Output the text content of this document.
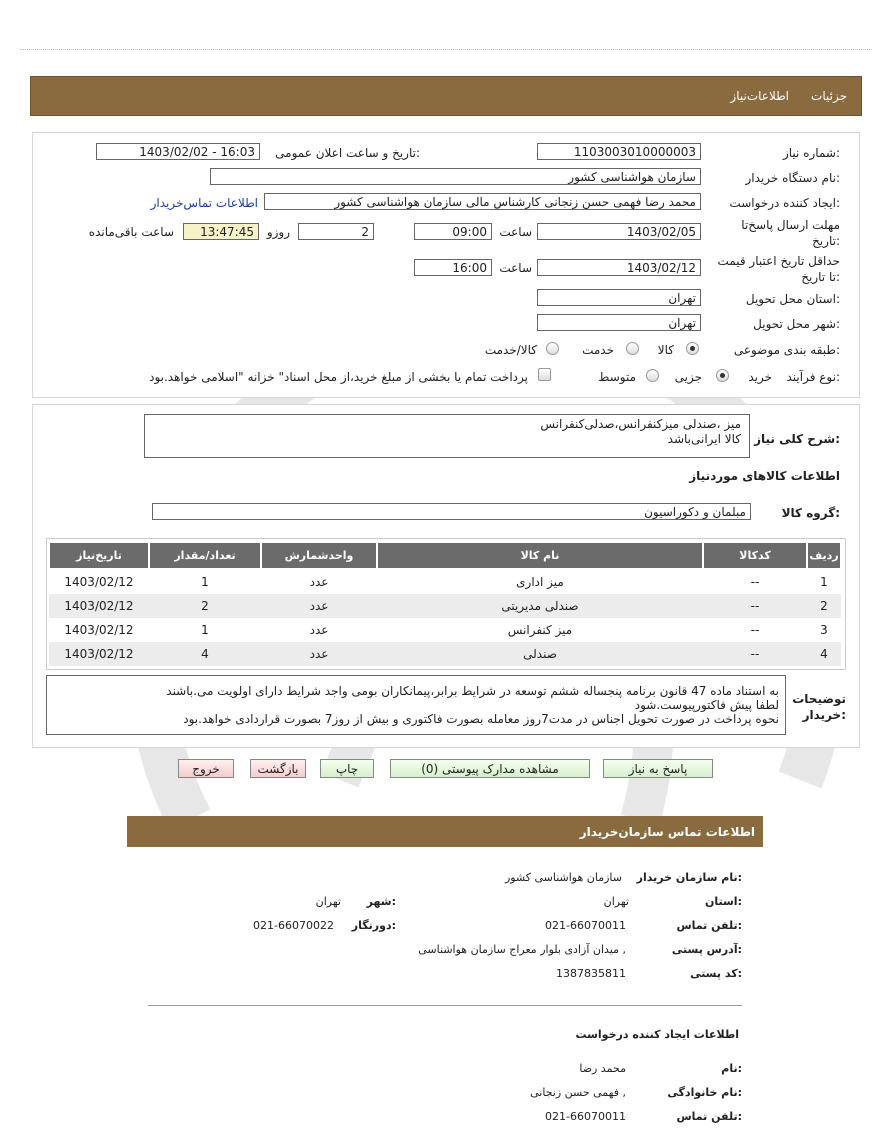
جزئیات
اطلاعات‌نیاز
شماره نیاز:
1103003010000003
تاریخ و ساعت اعلان عمومی:
1403/02/02 - 16:03
نام دستگاه خریدار:
سازمان هواشناسی کشور
ایجاد کننده درخواست:
محمد رضا فهمی حسن زنجانی کارشناس مالی سازمان هواشناسی کشور
اطلاعات تماس‌خریدار
مهلت ارسال پاسخ‌تا
تاریخ:
1403/02/05
ساعت
09:00
2
روزو
13:47:45
ساعت باقی‌مانده
حداقل تاریخ اعتبار قیمت
تا تاریخ:
1403/02/12
ساعت
16:00
استان محل تحویل:
تهران
شهر محل تحویل:
تهران
طبقه بندی موضوعی:
کالا
خدمت
کالا/خدمت
نوع فرآیند:
خرید
جزیی
متوسط
پرداخت تمام یا بخشی از مبلغ خرید،از محل اسناد" خزانه "اسلامی خواهد.بود
شرح کلی نیاز:
میز ،صندلی میزکنفرانس،صدلی‌کنفرانس
کالا ایرانی‌باشد
اطلاعات کالاهای موردنیاز
گروه کالا:
مبلمان و دکوراسیون
ردیف	کدکالا	نام کالا	واحدشمارش	تعداد/مقدار	تاریخ‌نیاز
1	--	میز اداری	عدد	1	1403/02/12
2	--	صندلی مدیریتی	عدد	2	1403/02/12
3	--	میز کنفرانس	عدد	1	1403/02/12
4	--	صندلی	عدد	4	1403/02/12
توضیحات
خریدار:
به استناد ماده 47 قانون برنامه پنجساله ششم توسعه در شرایط برابر،پیمانکاران بومی واجد شرایط دارای اولویت می.باشند
لطفا پیش فاکتورپیوست.شود
نحوه پرداخت در صورت تحویل اجناس در مدت7روز معامله بصورت فاکتوری و بیش از روز7 بصورت قراردادی خواهد.بود
پاسخ به نیاز
مشاهده مدارک پیوستی (0)
چاپ
بازگشت
خروج
اطلاعات تماس سازمان‌خریدار
نام سازمان خریدار:
سازمان هواشناسی کشور
استان:
تهران
شهر:
تهران
تلفن تماس:
021-66070011
دورنگار:
021-66070022
آدرس پستی:
میدان آزادی بلوار معراج سازمان هواشناسی ,
کد پستی:
1387835811
اطلاعات ایجاد کننده درخواست
نام:
محمد رضا
نام خانوادگی:
فهمی حسن زنجانی ,
تلفن تماس:
021-66070011
